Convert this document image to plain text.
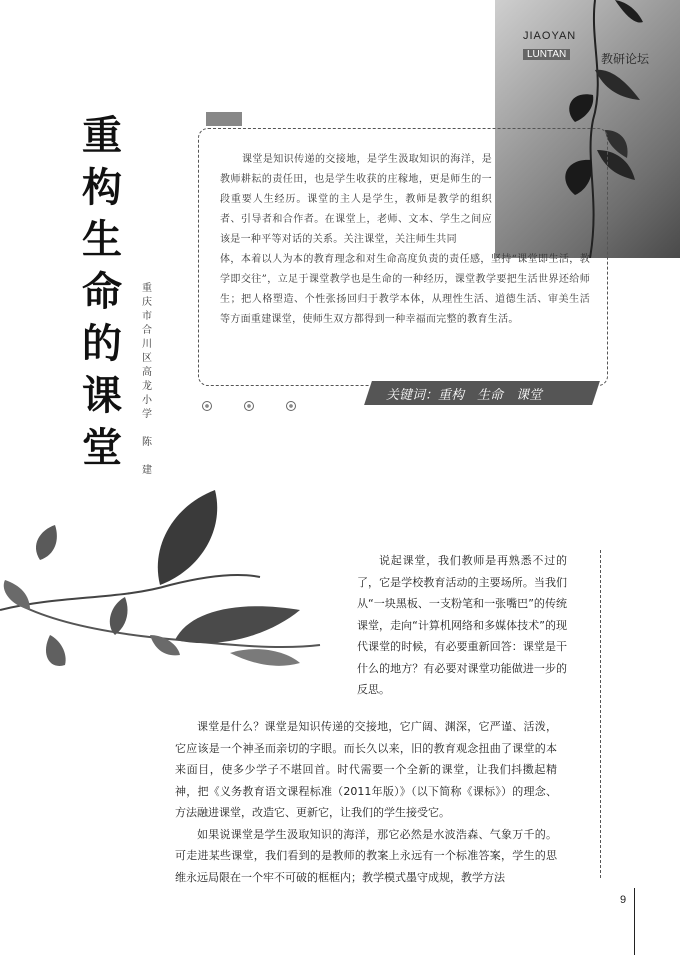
JIAOYAN
LUNTAN	教研论坛
重
构
生
命
的
课
堂
重
庆
市
合
川
区
高
龙
小
学

陈

建
课堂是知识传递的交接地，是学生汲取知识的海洋，是教师耕耘的责任田，也是学生收获的庄稼地，更是师生的一段重要人生经历。课堂的主人是学生，教师是教学的组织者、引导者和合作者。在课堂上，老师、文本、学生之间应该是一种平等对话的关系。关注课堂，关注师生共同
体，本着以人为本的教育理念和对生命高度负责的责任感，坚持“课堂即生活，教学即交往”，立足于课堂教学也是生命的一种经历，课堂教学要把生活世界还给师生；把人格塑造、个性张扬回归于教学本体，从理性生活、道德生活、审美生活等方面重建课堂，使师生双方都得到一种幸福而完整的教育生活。
关键词：重构　生命　课堂
说起课堂，我们教师是再熟悉不过的了，它是学校教育活动的主要场所。当我们从“一块黑板、一支粉笔和一张嘴巴”的传统课堂，走向“计算机网络和多媒体技术”的现代课堂的时候，有必要重新回答：课堂是干什么的地方？有必要对课堂功能做进一步的反思。

课堂是什么？课堂是知识传递的交接地，它广阔、渊深，它严谨、活泼，它应该是一个神圣而亲切的字眼。而长久以来，旧的教育观念扭曲了课堂的本来面目，使多少学子不堪回首。时代需要一个全新的课堂，让我们抖擞起精神，把《义务教育语文课程标准（2011年版）》（以下简称《课标》）的理念、方法融进课堂，改造它、更新它，让我们的学生接受它。

如果说课堂是学生汲取知识的海洋，那它必然是水波浩森、气象万千的。可走进某些课堂，我们看到的是教师的教案上永远有一个标准答案，学生的思维永远局限在一个牢不可破的框框内；教学模式墨守成规，教学方法

9
